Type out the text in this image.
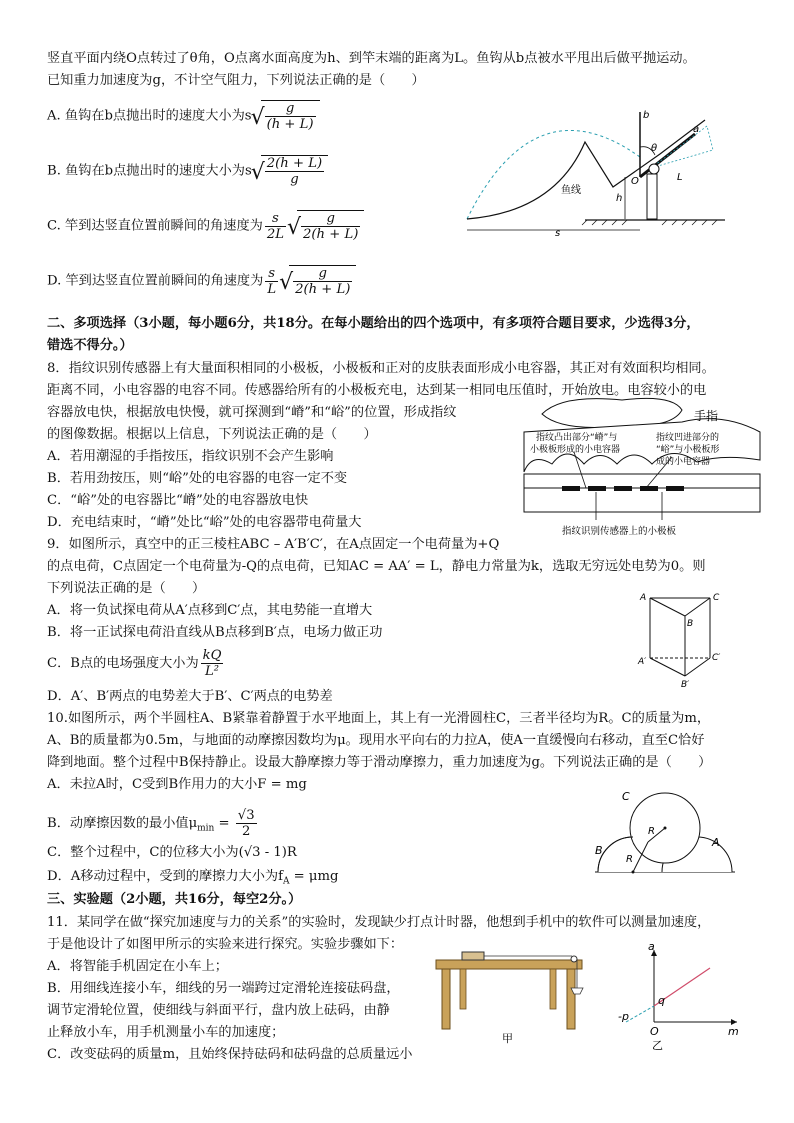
竖直平面内绕O点转过了θ角，O点离水面高度为h、到竿末端的距离为L。鱼钩从b点被水平甩出后做平抛运动。
已知重力加速度为g，不计空气阻力，下列说法正确的是（　　）
A. 鱼钩在b点抛出时的速度大小为s √ $\frac{g}{(h + L)}$
B. 鱼钩在b点抛出时的速度大小为s √ $\frac{2(h + L)}{g}$
C. 竿到达竖直位置前瞬间的角速度为 $\frac{s}{2L}$ √ $\frac{g}{2(h + L)}$
D. 竿到达竖直位置前瞬间的角速度为 $\frac{s}{L}$ √ $\frac{g}{2(h + L)}$
b
a
θ
O	L
h
s
鱼线
二、多项选择（3小题，每小题6分，共18分。在每小题给出的四个选项中，有多项符合题目要求，少选得3分，
错选不得分。）
8．指纹识别传感器上有大量面积相同的小极板，小极板和正对的皮肤表面形成小电容器，其正对有效面积均相同。
距离不同，小电容器的电容不同。传感器给所有的小极板充电，达到某一相同电压值时，开始放电。电容较小的电
容器放电快，根据放电快慢，就可探测到“嵴”和“峪”的位置，形成指纹
的图像数据。根据以上信息，下列说法正确的是（　　）
A．若用潮湿的手指按压，指纹识别不会产生影响
B．若用劲按压，则“峪”处的电容器的电容一定不变
C．“峪”处的电容器比“嵴”处的电容器放电快
D．充电结束时，“嵴”处比“峪”处的电容器带电荷量大
手指
指纹凸出部分“嵴”与
小极板形成的小电容器
指纹凹进部分的
“峪”与小极板形
成的小电容器
指纹识别传感器上的小极板
9．如图所示，真空中的正三棱柱ABC – A′B′C′，在A点固定一个电荷量为+Q
的点电荷，C点固定一个电荷量为-Q的点电荷，已知AC = AA′ = L，静电力常量为k，选取无穷远处电势为0。则
下列说法正确的是（　　）
A．将一负试探电荷从A′点移到C′点，其电势能一直增大
B．将一正试探电荷沿直线从B点移到B′点，电场力做正功
C．B点的电场强度大小为 $\frac{kQ}{\text{L²}}$
D．A′、B′两点的电势差大于B′、C′两点的电势差
A	C
B
A′	C′
B′
10.如图所示，两个半圆柱A、B紧靠着静置于水平地面上，其上有一光滑圆柱C，三者半径均为R。C的质量为m，
A、B的质量都为0.5m，与地面的动摩擦因数均为μ。现用水平向右的力拉A，使A一直缓慢向右移动，直至C恰好
降到地面。整个过程中B保持静止。设最大静摩擦力等于滑动摩擦力，重力加速度为g。下列说法正确的是（　　）
A．未拉A时，C受到B作用力的大小F = mg
B．动摩擦因数的最小值$\mu_{min} = \frac{√3}{2}$
C．整个过程中，C的位移大小为(√3 - 1)R
D．A移动过程中，受到的摩擦力大小为$f_A = \mu mg$
C
B
A
R
R
三、实验题（2小题，共16分，每空2分。）
11．某同学在做“探究加速度与力的关系”的实验时，发现缺少打点计时器，他想到手机中的软件可以测量加速度，
于是他设计了如图甲所示的实验来进行探究。实验步骤如下：
A．将智能手机固定在小车上；
B．用细线连接小车，细线的另一端跨过定滑轮连接砝码盘，
调节定滑轮位置，使细线与斜面平行，盘内放上砝码，由静
止释放小车，用手机测量小车的加速度；
C．改变砝码的质量m，且始终保持砝码和砝码盘的总质量远小
甲
a
m
q
O
-p
乙
